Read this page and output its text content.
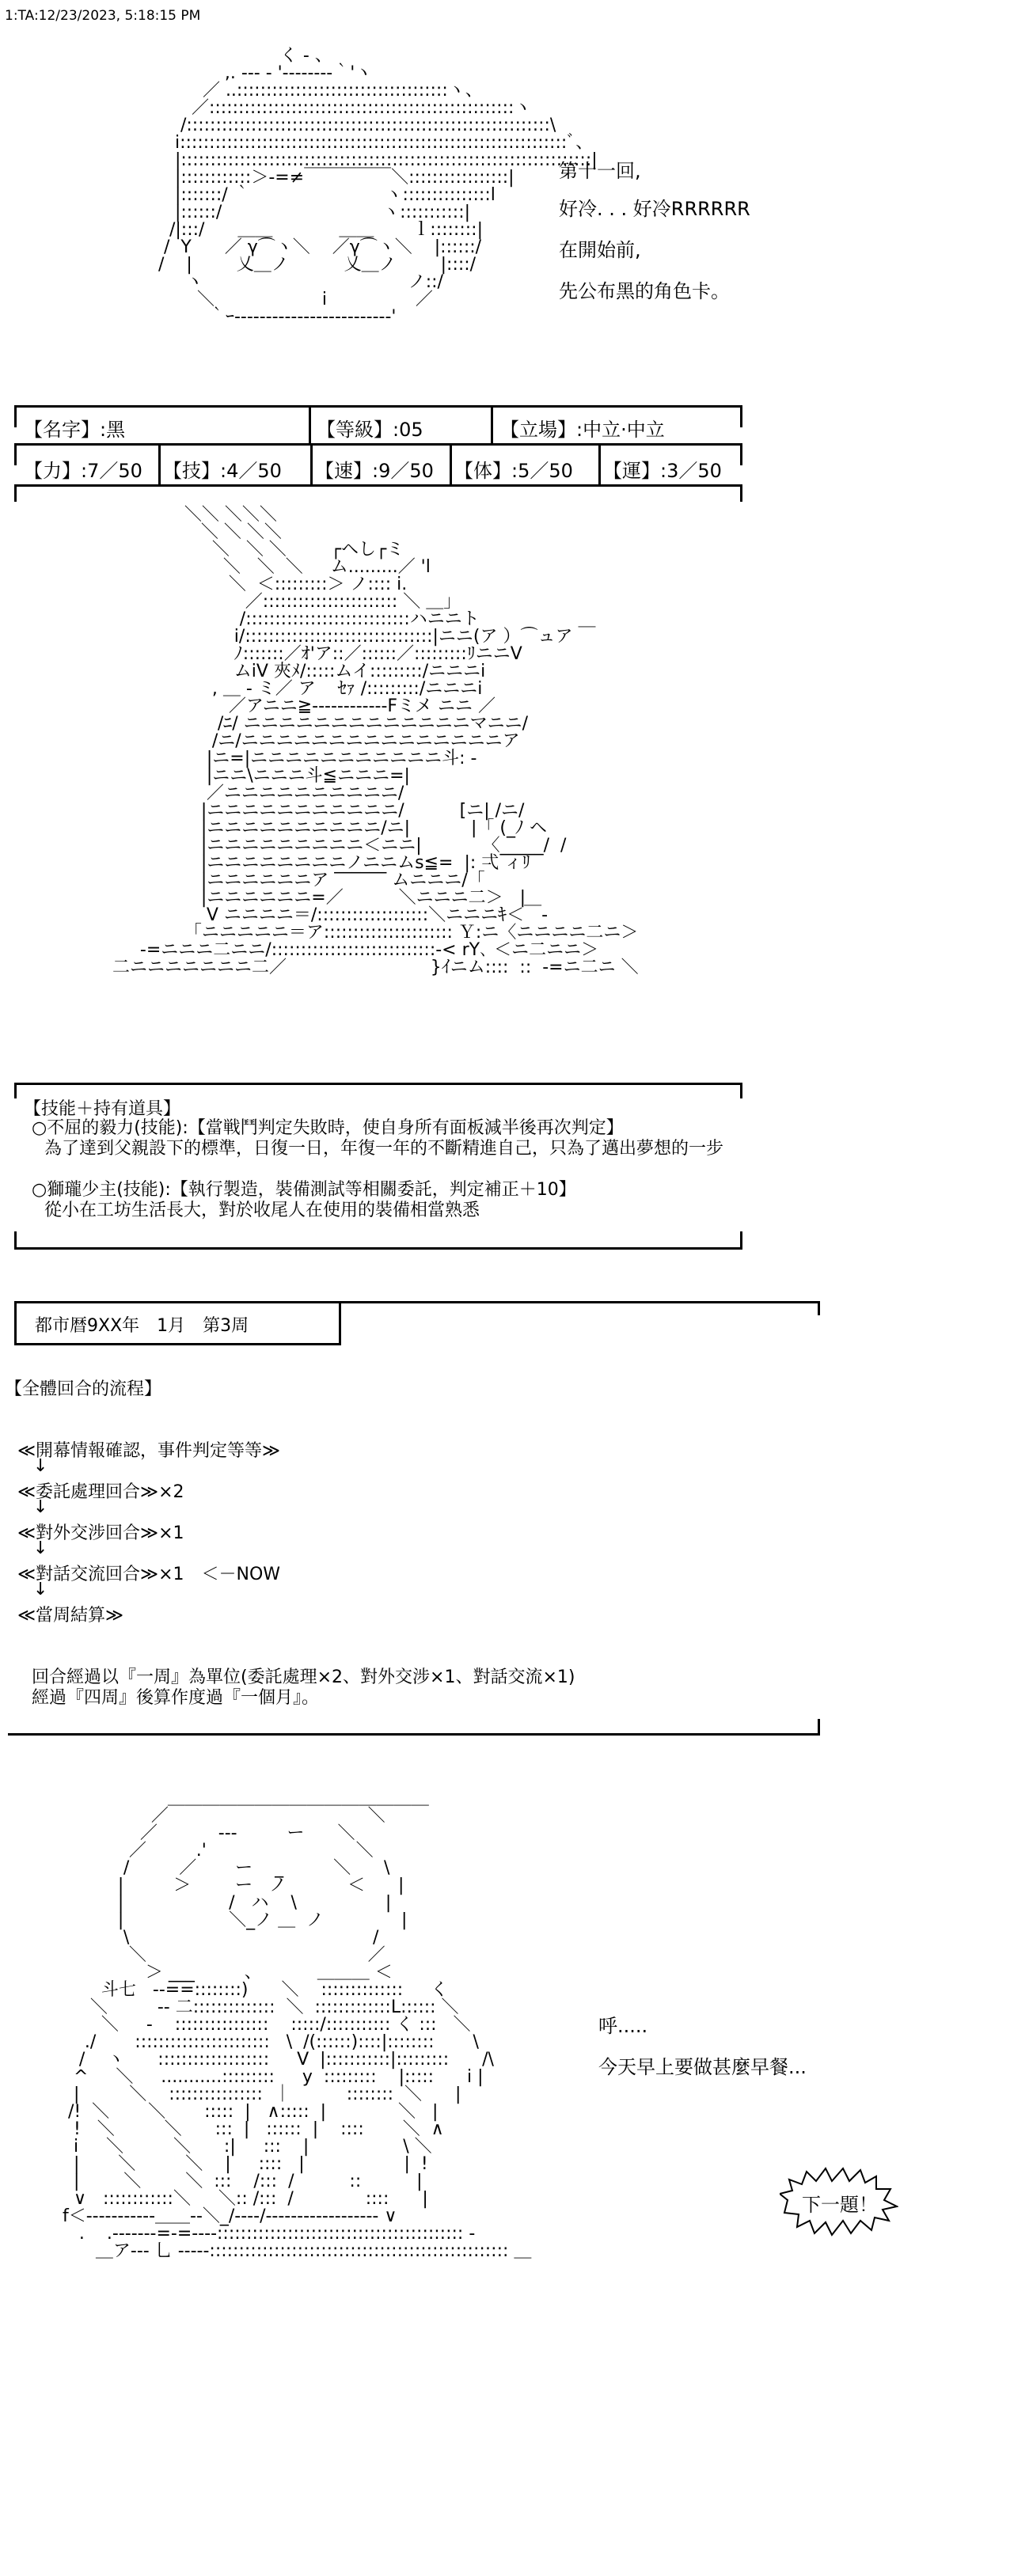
1:TA:12/23/2023, 5:18:15 PM
く ‐ 、
,. ‐‐‐ ‐ '‐‐‐‐‐‐‐‐｀'ヽ
／ ..::::::::::::::::::::::::::::::::::::ヽ、
／::::::::::::::::::::::::::::::::::::::::::::::::::::ヽ
/::::::::::::::::::::::::::::::::::::::::::::::::::::::::::::::\
i::::::::::::::::::::::::::::::::::::::::::::::::::::::::::::::::::ﾞ、
|::::::::::::::::::::::::::::::::::::::::::::::::::::::::::::::::::::::|
|::::::::::::＞‐=≠￣￣￣￣￣＼:::::::::::::::::|
|:::::::/ ｀               　　   ヽ:::::::::::::::l
|::::::/                             ヽ:::::::::::|
/|:::/      ＿＿            ＿＿       ｌ::::::::|
/  Y      ／ γ⌒ヽ＼    ／γ⌒ヽ＼    |::::::/
/    |        乂＿ノ          乂＿ノ        |::::/
ヽ                                     ノ::/
＼          　　　i                ／
｀ｰ‐-----------------------‐'

第十一回,
好冷. . . 好冷RRRRRR
在開始前,
先公布黑的角色卡。
【名字】:黑	【等級】:05	【立場】:中立·中立
【力】:7／50 【技】:4／50 【速】:9／50 【体】:5／50 【運】:3／50
＼＼ ＼＼＼
＼ ＼ ＼＼
＼   ＼ ＼        ┌ヘし┌ミ
＼   ＼  ＼     ム.........／ 'l
＼  ＜:::::::::＞ ノ:::: i.
／::::::::::::::::::::::: ＼ ＿｣
/::::::::::::::::::::::::::::ハニニト
i/::::::::::::::::::::::::::::::::|ニニ(ア ）⌒ュア ￣
ﾉ:::::::／ｵ'ア::／::::::／:::::::::ﾘニニV
ムiV 夾ﾒ/:::::ムイ:::::::::/ニニニi
, ＿ ‐ ミ／ ア    ｾｧ /:::::::::/ニニニi
／アニニ≧‐‐‐‐‐‐‐‐‐‐‐‐Fミメ ニニ ／
/ﾆ/ ニニニニニニニニニニニニニマニニ/
/ニ/ニニニニニニニニニニニニニニニア
|ニ=|ニニニニニニニニニニニ斗: ‐
|ニニ\ニニニ斗≦ニニニ=|
／ニニニニニニニニニニ/
|ニニニニニニニニニニニ/          [ニ| /ニ/
|ニニニニニニニニニニ/ニ|           |「 (_ﾉ ヘ
|ニニニニニニニニニ＜ニニ|           〈_____/  /
|ニニニニニニニニノニニムs≦=  |: 弌 ィﾘ
|ニニニニニニア ‾‾‾‾‾‾ ムニニニ/「
|ニニニニニニ=／          ＼ニニニ二＞   |
V ニニニニ＝/:::::::::::::::::::＼ニニニｷ＜￣‐
「ニニニニニ＝ア:::::::::::::::::::::: Ｙ:ニ〈ニニニニ二ニ＞
‐=ニニニ二ニニ/::::::::::::::::::::::::::::-< rY､ ＜ニ二ニニ＞
二ニニニニニニニ二／                          }ｲニム::::  ::  -=ニ二ニ ＼

【技能＋持有道具】
○不屈的毅力(技能):【當戦鬥判定失敗時，使自身所有面板減半後再次判定】
為了達到父親設下的標準，日復一日，年復一年的不斷精進自己，只為了邁出夢想的一步
○獅瓏少主(技能):【執行製造，裝備測試等相關委託，判定補正＋10】
從小在工坊生活長大，對於收尾人在使用的裝備相當熟悉
都市暦9XX年　1月　第3周
【全體回合的流程】
≪開幕情報確認，事件判定等等≫
↓
≪委託處理回合≫×2
↓
≪對外交涉回合≫×1
↓
≪對話交流回合≫×1　＜－NOW
↓
≪當周結算≫
回合經過以『一周』為單位(委託處理×2、對外交涉×1、對話交流×1)
經過『四周』後算作度過『一個月』。
＿＿＿＿＿＿＿＿＿＿＿＿＿＿＿
／                                    ＼
／           ‐‐-         ー      ＼
／         .'                           ＼
/         ／       ー    _         ＼      \
|         ＞        ー   ノ           ＜      |
|                   /   ハ    \                |
|                   ＼_ノ ＿  ノ              |
\                                            /
＼                                        ／
＞ ___         、          ＿＿＿ ＜
斗七   ‐-==::::::::)      ＼    ::::::::::::::     く
＼         -- 二::::::::::::::  ＼  :::::::::::::L:::::: ＼
＼     ‐    ::::::::::::::::    :::::/::::::::::: く :::   ＼
./       :::::::::::::::::::::::   \  /(::::::)::::|::::::::       \
/    ヽ      :::::::::::::::::::     V  |:::::::::::|:::::::::      /\
^     ＼     ...........:::::::::     y  :::::::::    |:::::      i |
|         ＼    ::::::::::::::::  ｜          ::::::::  ＼      |
/!  ＼       ＼       :::::  |   ∧:::::  |             ＼   |
!   ＼         ＼      :::  |   ::::::  |    ::::       ＼  ∧
i     ＼         ＼      :|     :::    |                 \ ＼
|       ＼         ＼    |     ::::   |                  |  !
|        ＼        ＼  :::    /:::  /          ::          |
∨   ::::::::::::＼     ＼:: /:::  /             ::::      |
f＜‐‐‐‐‐‐‐‐‐‐‐＿＿‐‐＼_/‐‐‐‐/‐‐‐‐‐‐‐‐‐‐‐‐‐‐‐‐‐‐ ∨
.    .‐‐‐‐‐‐‐=‐=‐‐‐‐:::::::::::::::::::::::::::::::::::::::::: ‐
＿ア‐‐‐ 乚 ‐‐‐‐‐::::::::::::::::::::::::::::::::::::::::::::::::::: ＿

呼.....
今天早上要做甚麼早餐...
下一題！
